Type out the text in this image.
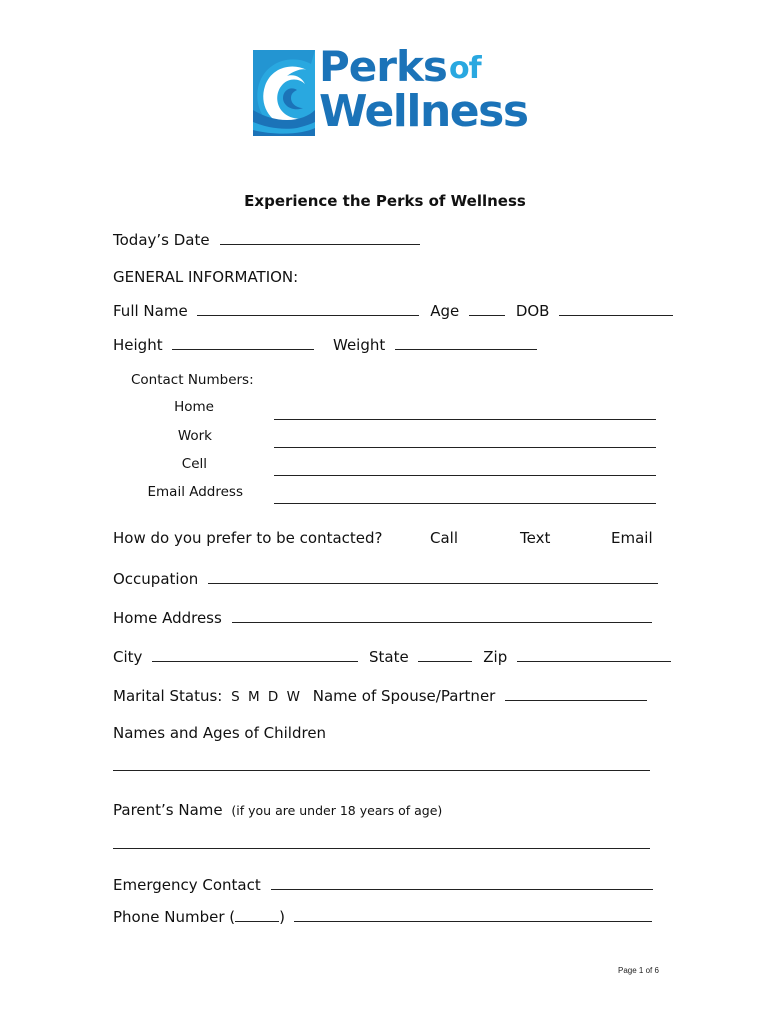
Perks of
Wellness
Experience the Perks of Wellness
Today’s Date
GENERAL INFORMATION:
Full Name	Age	DOB
Height	Weight
Contact Numbers:
Home
Work
Cell
Email Address
How do you prefer to be contacted?	Call	Text	Email
Occupation
Home Address
City	State	Zip
Marital Status: S M D W Name of Spouse/Partner
Names and Ages of Children
Parent’s Name (if you are under 18 years of age)
Emergency Contact
Phone Number (	)
Page 1 of 6
